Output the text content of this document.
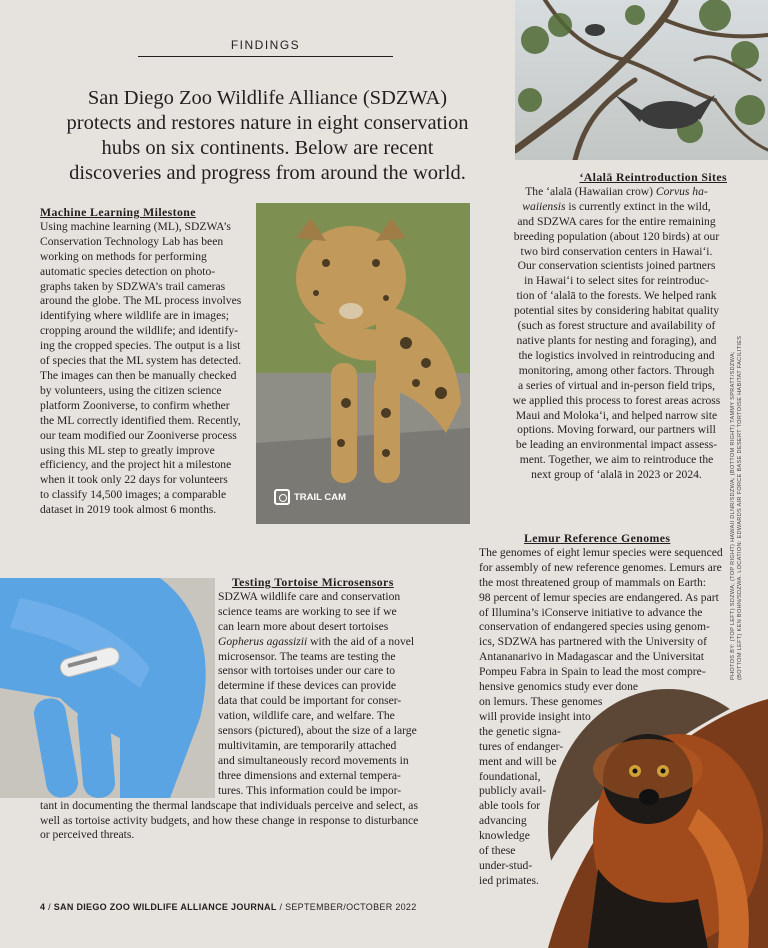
FINDINGS
San Diego Zoo Wildlife Alliance (SDZWA)
protects and restores nature in eight conservation
hubs on six continents. Below are recent
discoveries and progress from around the world.
Machine Learning Milestone
Using machine learning (ML), SDZWA’s
Conservation Technology Lab has been
working on methods for performing
automatic species detection on photo-
graphs taken by SDZWA’s trail cameras
around the globe. The ML process involves
identifying where wildlife are in images;
cropping around the wildlife; and identify-
ing the cropped species. The output is a list
of species that the ML system has detected.
The images can then be manually checked
by volunteers, using the citizen science
platform Zooniverse, to confirm whether
the ML correctly identified them. Recently,
our team modified our Zooniverse process
using this ML step to greatly improve
efficiency, and the project hit a milestone
when it took only 22 days for volunteers
to classify 14,500 images; a comparable
dataset in 2019 took almost 6 months.
TRAIL CAM
‘Alalā Reintroduction Sites
The ‘alalā (Hawaiian crow) Corvus ha-
waiiensis is currently extinct in the wild,
and SDZWA cares for the entire remaining
breeding population (about 120 birds) at our
two bird conservation centers in Hawai‘i.
Our conservation scientists joined partners
in Hawai‘i to select sites for reintroduc-
tion of ‘alalā to the forests. We helped rank
potential sites by considering habitat quality
(such as forest structure and availability of
native plants for nesting and foraging), and
the logistics involved in reintroducing and
monitoring, among other factors. Through
a series of virtual and in-person field trips,
we applied this process to forest areas across
Maui and Moloka‘i, and helped narrow site
options. Moving forward, our partners will
be leading an environmental impact assess-
ment. Together, we aim to reintroduce the
next group of ‘alalā in 2023 or 2024.
Lemur Reference Genomes
The genomes of eight lemur species were sequenced
for assembly of new reference genomes. Lemurs are
the most threatened group of mammals on Earth:
98 percent of lemur species are endangered. As part
of Illumina’s iConserve initiative to advance the
conservation of endangered species using genom-
ics, SDZWA has partnered with the University of
Antananarivo in Madagascar and the Universitat
Pompeu Fabra in Spain to lead the most compre-
hensive genomics study ever done
on lemurs. These genomes
will provide insight into
the genetic signa-
tures of endanger-
ment and will be
foundational,
publicly avail-
able tools for
advancing
knowledge
of these
under-stud-
ied primates.
Testing Tortoise Microsensors
SDZWA wildlife care and conservation
science teams are working to see if we
can learn more about desert tortoises
Gopherus agassizii with the aid of a novel
microsensor. The teams are testing the
sensor with tortoises under our care to
determine if these devices can provide
data that could be important for conser-
vation, wildlife care, and welfare. The
sensors (pictured), about the size of a large
multivitamin, are temporarily attached
and simultaneously record movements in
three dimensions and external tempera-
tures. This information could be impor-
tant in documenting the thermal landscape that individuals perceive and select, as
well as tortoise activity budgets, and how these change in response to disturbance
or perceived threats.
PHOTOS BY: (TOP LEFT) SDZWA; (TOP RIGHT) HAWAII DLNR/SDZWA; (BOTTOM RIGHT) TAMMY SPRATT/SDZWA; (BOTTOM LEFT) KEN BOHN/SDZWA. LOCATION: EDWARDS AIR FORCE BASE DESERT TORTOISE HABITAT FACILITIES
4 / SAN DIEGO ZOO WILDLIFE ALLIANCE JOURNAL / SEPTEMBER/OCTOBER 2022
